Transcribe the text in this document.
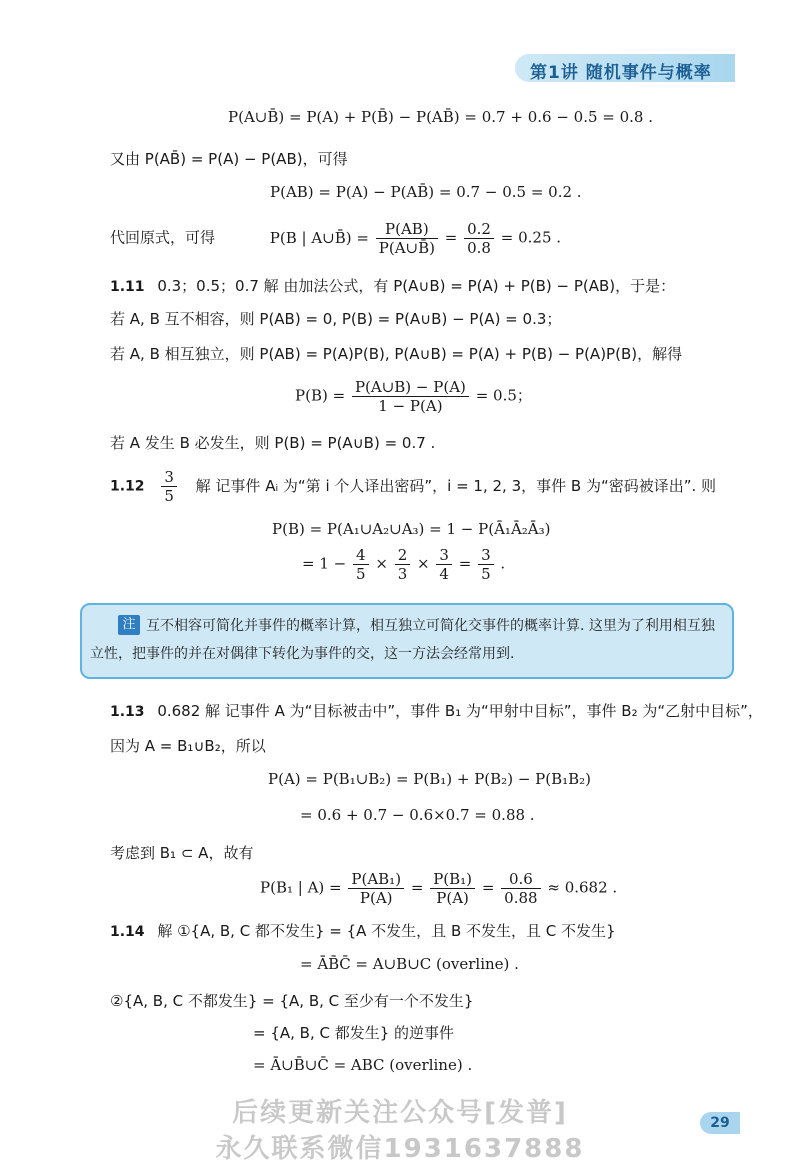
第1讲 随机事件与概率
P(A∪B̄) = P(A) + P(B̄) − P(AB̄) = 0.7 + 0.6 − 0.5 = 0.8 .
又由 P(AB̄) = P(A) − P(AB)，可得
P(AB) = P(A) − P(AB̄) = 0.7 − 0.5 = 0.2 .
代回原式，可得	P(B | A∪B̄) = $\frac{P(AB)}{P(A\cup B̄)} = \frac{0.2}{0.8} = 0.25$ .
1.11 0.3；0.5；0.7 解 由加法公式，有 P(A∪B) = P(A) + P(B) − P(AB)，于是：
若 A, B 互不相容，则 P(AB) = 0, P(B) = P(A∪B) − P(A) = 0.3；
若 A, B 相互独立，则 P(AB) = P(A)P(B), P(A∪B) = P(A) + P(B) − P(A)P(B)，解得
$P(B) = \frac{P(A\cup B) - P(A)}{1 - P(A)} = 0.5$；
若 A 发生 B 必发生，则 P(B) = P(A∪B) = 0.7 .
$1.12 \frac{3}{5}$ 解 记事件 Aᵢ 为“第 i 个人译出密码”，i = 1, 2, 3，事件 B 为“密码被译出”. 则
P(B) = P(A₁∪A₂∪A₃) = 1 − P(Ā₁Ā₂Ā₃)
= $1 - \frac{4}{5} \times \frac{2}{3} \times \frac{3}{4} = \frac{3}{5}$ .
互不相容可简化并事件的概率计算，相互独立可简化交事件的概率计算. 这里为了利用相互独立性，把事件的并在对偶律下转化为事件的交，这一方法会经常用到.
注
1.13 0.682 解 记事件 A 为“目标被击中”，事件 B₁ 为“甲射中目标”，事件 B₂ 为“乙射中目标”，
因为 A = B₁∪B₂，所以
P(A) = P(B₁∪B₂) = P(B₁) + P(B₂) − P(B₁B₂)
= 0.6 + 0.7 − 0.6×0.7 = 0.88 .
考虑到 B₁ ⊂ A，故有
P(B₁ | $A) = \frac{\text{P(AB₁)}}{P(A)} = \frac{\text{P(B₁)}}{P(A)} = \frac{0.6}{0.88} \approx 0.682$ .
1.14 解 ①{A, B, C 都不发生} = {A 不发生，且 B 不发生，且 C 不发生}
= ĀB̄C̄ = A∪B∪C (overline) .
②{A, B, C 不都发生} = {A, B, C 至少有一个不发生}
= {A, B, C 都发生} 的逆事件
= Ā∪B̄∪C̄ = ABC (overline) .
后续更新关注公众号[发普]
永久联系微信1931637888
29
